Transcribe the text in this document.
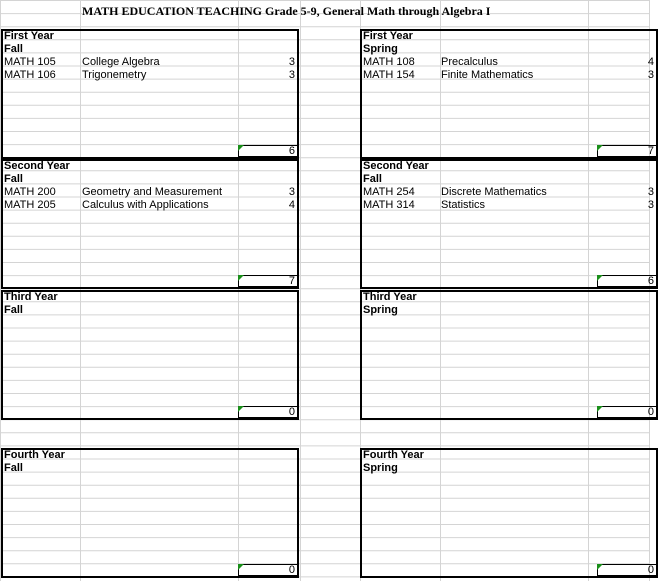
MATH EDUCATION TEACHING Grade 5-9, General Math through Algebra I
First Year
Fall
MATH 105 College Algebra	3
MATH 106 Trigonemetry	3
6
First Year
Spring
MATH 108 Precalculus	4
MATH 154 Finite Mathematics	3
7
Second Year
Fall
MATH 200 Geometry and Measurement	3
MATH 205 Calculus with Applications	4
7
Second Year
Fall
MATH 254 Discrete Mathematics	3
MATH 314 Statistics	3
6
Third Year
Fall
0
Third Year
Spring
0
Fourth Year
Fall
0
Fourth Year
Spring
0
